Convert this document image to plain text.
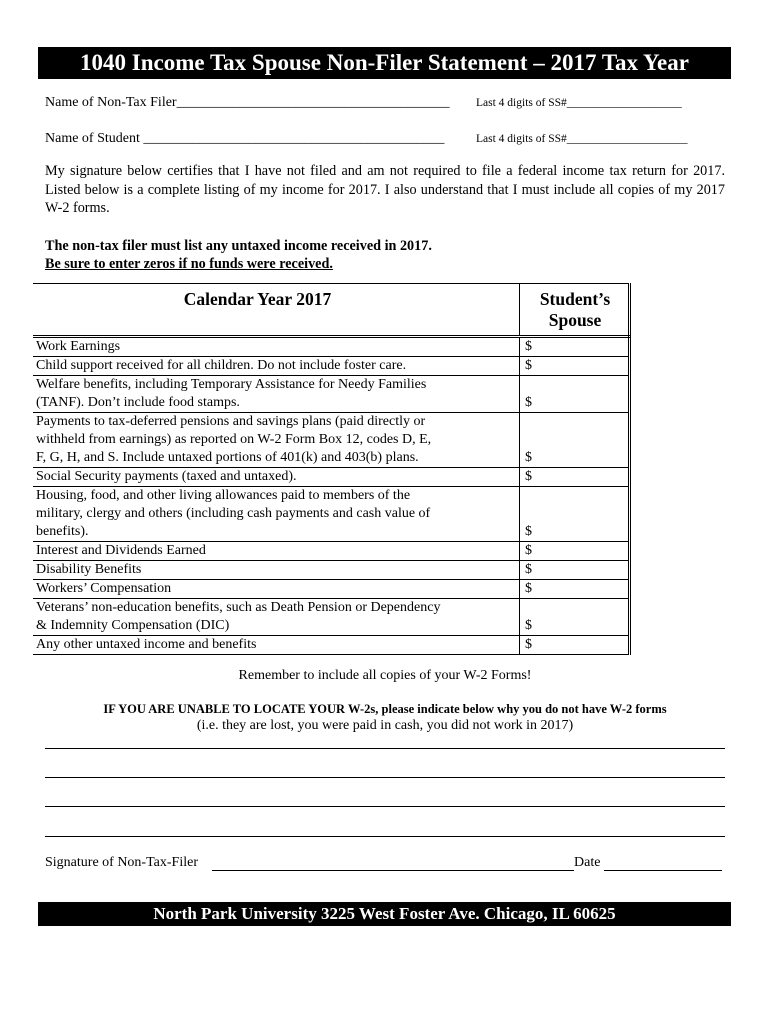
1040 Income Tax Spouse Non-Filer Statement – 2017 Tax Year
Name of Non-Tax Filer_______________________________________ Last 4 digits of SS#____________________
Name of Student ___________________________________________	Last 4 digits of SS#_____________________
My signature below certifies that I have not filed and am not required to file a federal income tax return for 2017. Listed below is a complete listing of my income for 2017. I also understand that I must include all copies of my 2017 W-2 forms.
The non-tax filer must list any untaxed income received in 2017.
Be sure to enter zeros if no funds were received.
Calendar Year 2017	Student’s
Spouse
Work Earnings	$
Child support received for all children. Do not include foster care.	$
Welfare benefits, including Temporary Assistance for Needy Families
(TANF). Don’t include food stamps.	$
Payments to tax-deferred pensions and savings plans (paid directly or
withheld from earnings) as reported on W-2 Form Box 12, codes D, E,
F, G, H, and S. Include untaxed portions of 401(k) and 403(b) plans.	$
Social Security payments (taxed and untaxed).	$
Housing, food, and other living allowances paid to members of the
military, clergy and others (including cash payments and cash value of
benefits).	$
Interest and Dividends Earned	$
Disability Benefits	$
Workers’ Compensation	$
Veterans’ non-education benefits, such as Death Pension or Dependency
& Indemnity Compensation (DIC)	$
Any other untaxed income and benefits	$
Remember to include all copies of your W-2 Forms!
IF YOU ARE UNABLE TO LOCATE YOUR W-2s, please indicate below why you do not have W-2 forms
(i.e. they are lost, you were paid in cash, you did not work in 2017)
Signature of Non-Tax-Filer	Date
North Park University 3225 West Foster Ave. Chicago, IL 60625
